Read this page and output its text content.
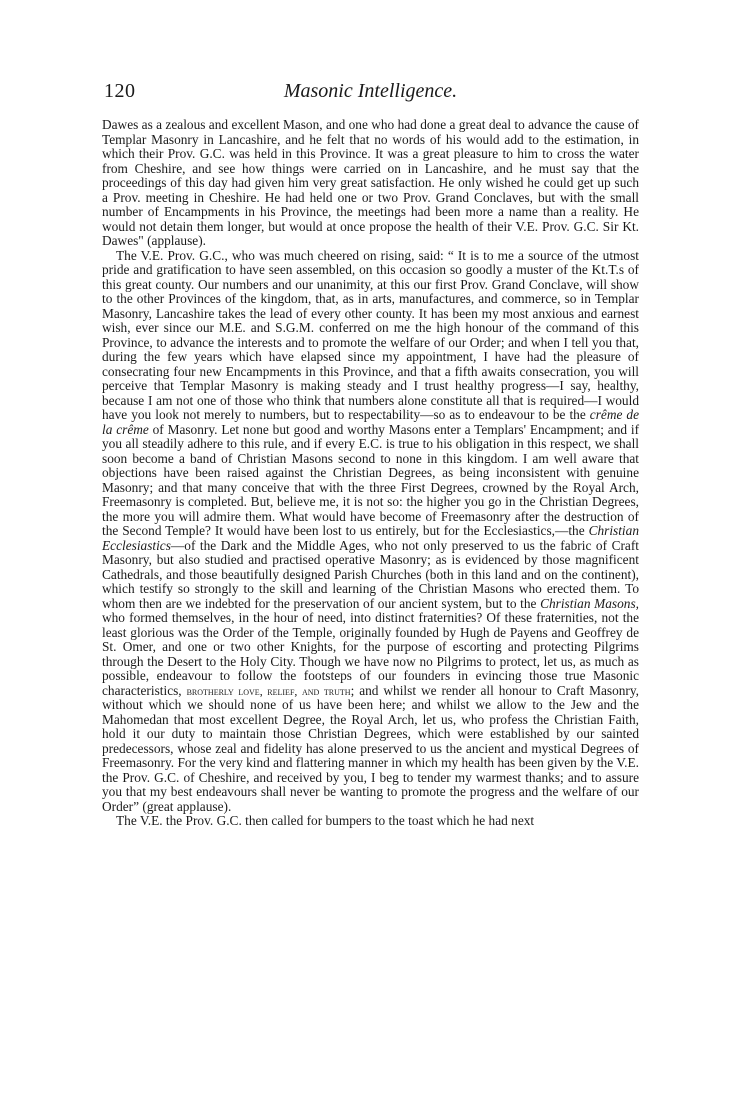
120	Masonic Intelligence.

Dawes as a zealous and excellent Mason, and one who had done a great deal to advance the cause of Templar Masonry in Lancashire, and he felt that no words of his would add to the estimation, in which their Prov. G.C. was held in this Province. It was a great pleasure to him to cross the water from Cheshire, and see how things were carried on in Lancashire, and he must say that the proceedings of this day had given him very great satisfaction. He only wished he could get up such a Prov. meeting in Cheshire. He had held one or two Prov. Grand Conclaves, but with the small number of Encampments in his Province, the meetings had been more a name than a reality. He would not detain them longer, but would at once propose the health of their V.E. Prov. G.C. Sir Kt. Dawes" (applause).

The V.E. Prov. G.C., who was much cheered on rising, said: “ It is to me a source of the utmost pride and gratification to have seen assembled, on this occasion so goodly a muster of the Kt.T.s of this great county. Our numbers and our unanimity, at this our first Prov. Grand Conclave, will show to the other Provinces of the kingdom, that, as in arts, manufactures, and commerce, so in Templar Masonry, Lancashire takes the lead of every other county. It has been my most anxious and earnest wish, ever since our M.E. and S.G.M. conferred on me the high honour of the command of this Province, to advance the interests and to promote the welfare of our Order; and when I tell you that, during the few years which have elapsed since my appointment, I have had the pleasure of consecrating four new Encampments in this Province, and that a fifth awaits consecration, you will perceive that Templar Masonry is making steady and I trust healthy progress—I say, healthy, because I am not one of those who think that numbers alone constitute all that is required—I would have you look not merely to numbers, but to respectability—so as to endeavour to be the crême de la crême of Masonry. Let none but good and worthy Masons enter a Templars' Encampment; and if you all steadily adhere to this rule, and if every E.C. is true to his obligation in this respect, we shall soon become a band of Christian Masons second to none in this kingdom. I am well aware that objections have been raised against the Christian Degrees, as being inconsistent with genuine Masonry; and that many conceive that with the three First Degrees, crowned by the Royal Arch, Freemasonry is completed. But, believe me, it is not so: the higher you go in the Christian Degrees, the more you will admire them. What would have become of Freemasonry after the destruction of the Second Temple? It would have been lost to us entirely, but for the Ecclesiastics,—the Christian Ecclesiastics—of the Dark and the Middle Ages, who not only preserved to us the fabric of Craft Masonry, but also studied and practised operative Masonry; as is evidenced by those magnificent Cathedrals, and those beautifully designed Parish Churches (both in this land and on the continent), which testify so strongly to the skill and learning of the Christian Masons who erected them. To whom then are we indebted for the preservation of our ancient system, but to the Christian Masons, who formed themselves, in the hour of need, into distinct fraternities? Of these fraternities, not the least glorious was the Order of the Temple, originally founded by Hugh de Payens and Geoffrey de St. Omer, and one or two other Knights, for the purpose of escorting and protecting Pilgrims through the Desert to the Holy City. Though we have now no Pilgrims to protect, let us, as much as possible, endeavour to follow the footsteps of our founders in evincing those true Masonic characteristics, brotherly love, relief, and truth; and whilst we render all honour to Craft Masonry, without which we should none of us have been here; and whilst we allow to the Jew and the Mahomedan that most excellent Degree, the Royal Arch, let us, who profess the Christian Faith, hold it our duty to maintain those Christian Degrees, which were established by our sainted predecessors, whose zeal and fidelity has alone preserved to us the ancient and mystical Degrees of Freemasonry. For the very kind and flattering manner in which my health has been given by the V.E. the Prov. G.C. of Cheshire, and received by you, I beg to tender my warmest thanks; and to assure you that my best endeavours shall never be wanting to promote the progress and the welfare of our Order” (great applause).

The V.E. the Prov. G.C. then called for bumpers to the toast which he had next
